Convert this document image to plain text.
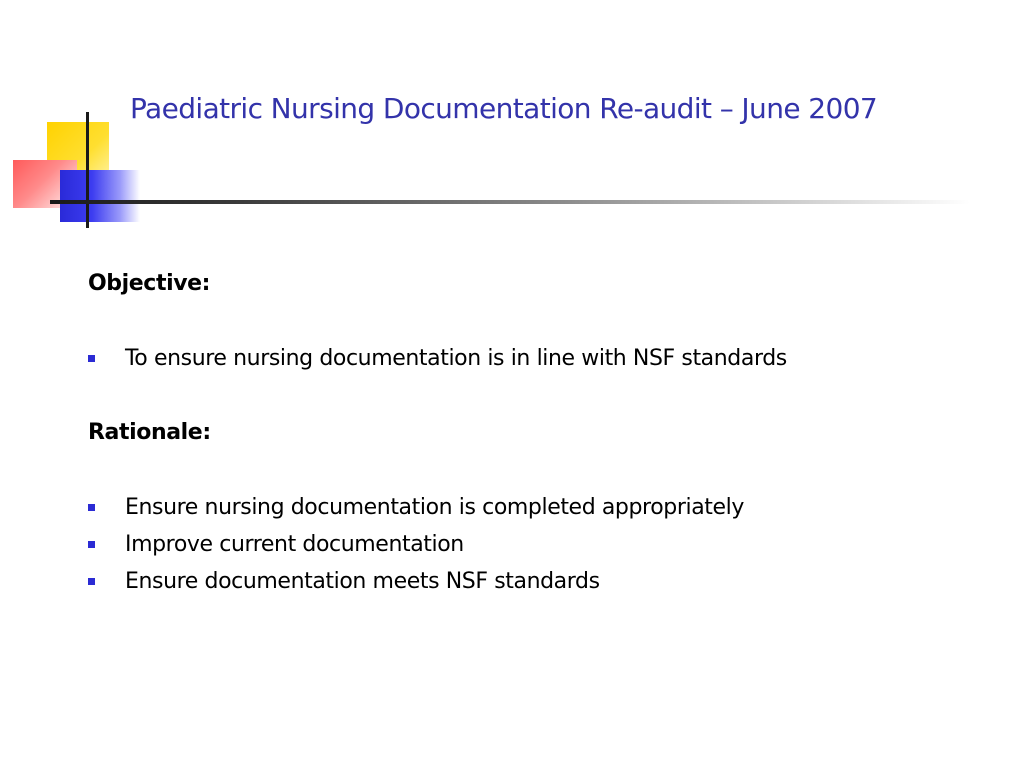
Paediatric Nursing Documentation Re-audit – June 2007
Objective:
To ensure nursing documentation is in line with NSF standards
Rationale:
Ensure nursing documentation is completed appropriately
Improve current documentation
Ensure documentation meets NSF standards
